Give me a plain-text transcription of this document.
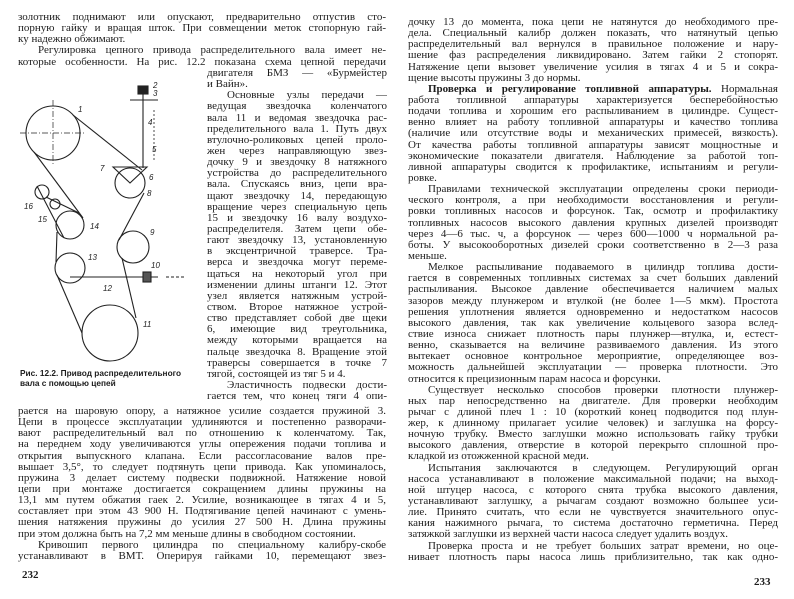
золотник поднимают или опускают, предварительно отпустив сто-
порную гайку и вращая шток. При совмещении меток стопорную гай-
ку надежно обжимают.
Регулировка цепного привода распределительного вала имеет не-
которые особенности. На рис. 12.2 показана схема цепной передачи
двигателя БМЗ — «Бурмейстер
и Вайн».
Основные узлы передачи —
ведущая звездочка коленчатого
вала 11 и ведомая звездочка рас-
пределительного вала 1. Путь двух
втулочно-роликовых цепей проло-
жен через направляющую звез-
дочку 9 и звездочку 8 натяжного
устройства до распределительного
вала. Спускаясь вниз, цепи вра-
щают звездочку 14, передающую
вращение через специальную цепь
15 и звездочку 16 валу воздухо-
распределителя. Затем цепи обе-
гают звездочку 13, установленную
в эксцентричной траверсе. Тра-
верса и звездочка могут переме-
щаться на некоторый угол при
изменении длины штанги 12. Этот
узел является натяжным устрой-
ством. Второе натяжное устрой-
ство представляет собой две щеки
6, имеющие вид треугольника,
между которыми вращается на
пальце звездочка 8. Вращение этой
траверсы совершается в точке 7
тягой, состоящей из тяг 5 и 4.
Эластичность подвески дости-
гается тем, что конец тяги 4 опи-
рается на шаровую опору, а натяжное усилие создается пружиной 3.
Цепи в процессе эксплуатации удлиняются и постепенно разворачи-
вают распределительный вал по отношению к коленчатому. Так,
на переднем ходу увеличиваются углы опережения подачи топлива и
открытия выпускного клапана. Если рассогласование валов пре-
вышает 3,5°, то следует подтянуть цепи привода. Как упоминалось,
пружина 3 делает систему подвески подвижной. Натяжение новой
цепи при монтаже достигается сокращением длины пружины на
13,1 мм путем обжатия гаек 2. Усилие, возникающее в тягах 4 и 5,
составляет при этом 43 900 Н. Подтягивание цепей начинают с умень-
шения натяжения пружины до усилия 27 500 Н. Длина пружины
при этом должна быть на 7,2 мм меньше длины в свободном состоянии.
Кривошип первого цилиндра по специальному калибру-скобе
устанавливают в ВМТ. Оперируя гайками 10, перемещают звез-
дочку 13 до момента, пока цепи не натянутся до необходимого пре-
дела. Специальный калибр должен показать, что натянутый цепью
распределительный вал вернулся в правильное положение и нару-
шение фаз распределения ликвидировано. Затем гайки 2 стопорят.
Натяжение цепи вызовет увеличение усилия в тягах 4 и 5 и сокра-
щение высоты пружины 3 до нормы.
Проверка и регулирование топливной аппаратуры. Нормальная
работа топливной аппаратуры характеризуется бесперебойностью
подачи топлива и хорошим его распыливанием в цилиндре. Сущест-
венно влияет на работу топливной аппаратуры и качество топлива
(наличие или отсутствие воды и механических примесей, вязкость).
От качества работы топливной аппаратуры зависят мощностные и
экономические показатели двигателя. Наблюдение за работой топ-
ливной аппаратуры сводится к профилактике, испытаниям и регули-
ровке.
Правилами технической эксплуатации определены сроки периоди-
ческого контроля, а при необходимости восстановления и регули-
ровки топливных насосов и форсунок. Так, осмотр и профилактику
топливных насосов высокого давления крупных дизелей производят
через 4—6 тыс. ч, а форсунок — через 600—1000 ч нормальной ра-
боты. У высокооборотных дизелей сроки соответственно в 2—3 раза
меньше.
Мелкое распыливание подаваемого в цилиндр топлива дости-
гается в современных топливных системах за счет больших давлений
распыливания. Высокое давление обеспечивается наличием малых
зазоров между плунжером и втулкой (не более 1—5 мкм). Простота
решения уплотнения является одновременно и недостатком насосов
высокого давления, так как увеличение кольцевого зазора вслед-
ствие износа снижает плотность пары плунжер—втулка, и, естест-
венно, сказывается на величине развиваемого давления. Из этого
вытекает основное контрольное мероприятие, определяющее воз-
можность дальнейшей эксплуатации — проверка плотности. Это
относится к прецизионным парам насоса и форсунки.
Существует несколько способов проверки плотности плунжер-
ных пар непосредственно на двигателе. Для проверки необходим
рычаг с длиной плеч 1 : 10 (короткий конец подводится под плун-
жер, к длинному прилагает усилие человек) и заглушка на форсу-
ночную трубку. Вместо заглушки можно использовать гайку трубки
высокого давления, отверстие в которой перекрыто сплошной про-
кладкой из отожженной красной меди.
Испытания заключаются в следующем. Регулирующий орган
насоса устанавливают в положение максимальной подачи; на выход-
ной штуцер насоса, с которого снята трубка высокого давления,
устанавливают заглушку, а рычагам создают возможно большее уси-
лие. Принято считать, что если не чувствуется значительного опус-
кания нажимного рычага, то система достаточно герметична. Перед
затяжкой заглушки из верхней части насоса следует удалить воздух.
Проверка проста и не требует больших затрат времени, но оце-
нивает плотность пары насоса лишь приблизительно, так как одно-
1
2
3
4
5
6
7
8
9
10
11
12
13
14
15
16
Рис. 12.2. Привод распределительного
вала с помощью цепей
232
233
